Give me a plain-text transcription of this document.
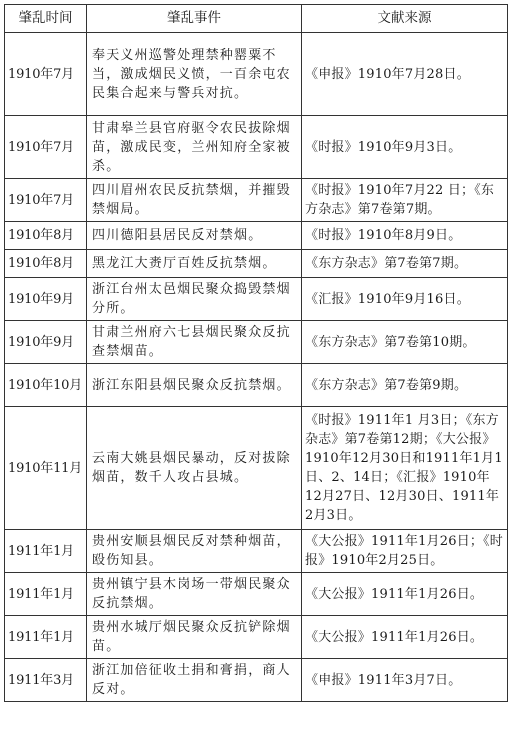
肇乱时间	肇乱事件	文献来源
1910年7月	奉天义州巡警处理禁种罂粟不当，激成烟民义愤，一百余屯农民集合起来与警兵对抗。	《申报》1910年7月28日。
1910年7月	甘肃皋兰县官府驱令农民拔除烟苗，激成民变，兰州知府全家被杀。	《时报》1910年9月3日。
1910年7月	四川眉州农民反抗禁烟，并摧毁禁烟局。	《时报》1910年7月22 日；《东方杂志》第7卷第7期。
1910年8月	四川德阳县居民反对禁烟。	《时报》1910年8月9日。
1910年8月	黑龙江大赉厅百姓反抗禁烟。	《东方杂志》第7卷第7期。
1910年9月	浙江台州太邑烟民聚众捣毁禁烟分所。	《汇报》1910年9月16日。
1910年9月	甘肃兰州府六七县烟民聚众反抗查禁烟苗。	《东方杂志》第7卷第10期。
1910年10月	浙江东阳县烟民聚众反抗禁烟。	《东方杂志》第7卷第9期。
1910年11月	云南大姚县烟民暴动，反对拔除烟苗，数千人攻占县城。	《时报》1911年1 月3日；《东方杂志》第7卷第12期；《大公报》1910年12月30日和1911年1月1日、2、14日；《汇报》1910年12月27日、12月30日、1911年2月3日。
1911年1月	贵州安顺县烟民反对禁种烟苗，殴伤知县。	《大公报》1911年1月26日；《时报》1910年2月25日。
1911年1月	贵州镇宁县木岗场一带烟民聚众反抗禁烟。	《大公报》1911年1月26日。
1911年1月	贵州水城厅烟民聚众反抗铲除烟苗。	《大公报》1911年1月26日。
1911年3月	浙江加倍征收土捐和膏捐，商人反对。	《申报》1911年3月7日。
